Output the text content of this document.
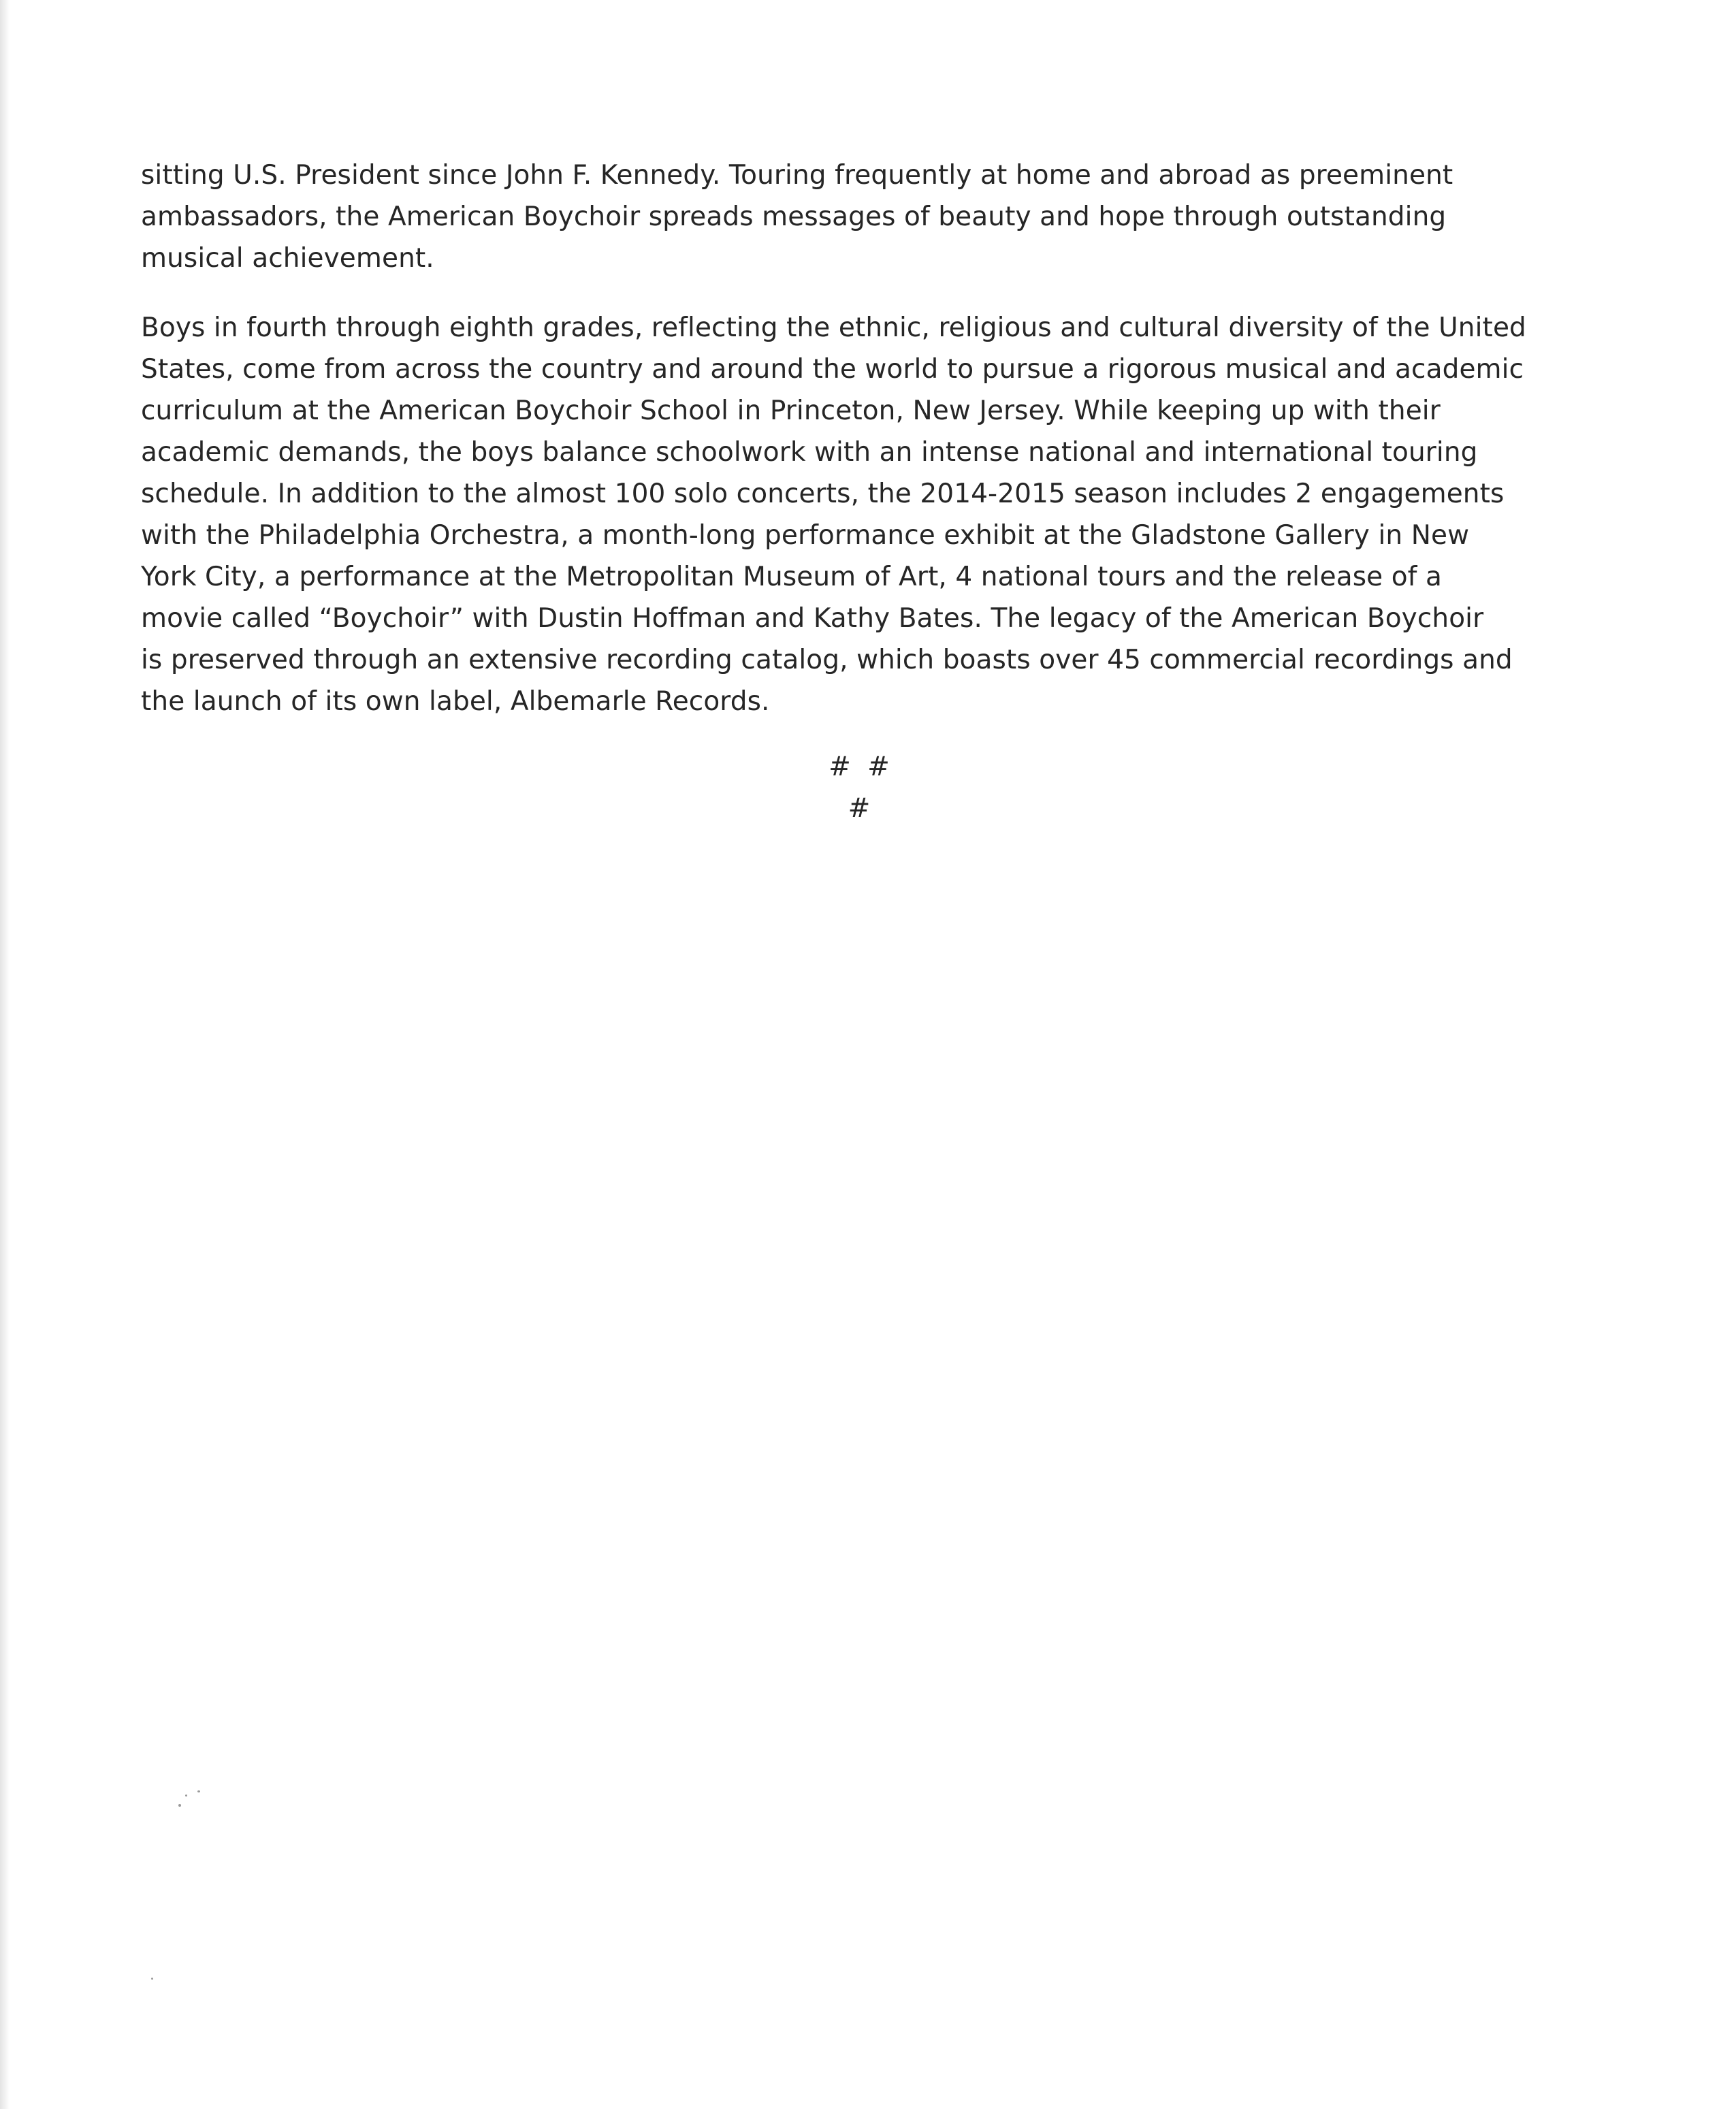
sitting U.S. President since John F. Kennedy. Touring frequently at home and abroad as preeminent
ambassadors, the American Boychoir spreads messages of beauty and hope through outstanding
musical achievement.

Boys in fourth through eighth grades, reflecting the ethnic, religious and cultural diversity of the United
States, come from across the country and around the world to pursue a rigorous musical and academic
curriculum at the American Boychoir School in Princeton, New Jersey. While keeping up with their
academic demands, the boys balance schoolwork with an intense national and international touring
schedule. In addition to the almost 100 solo concerts, the 2014-2015 season includes 2 engagements
with the Philadelphia Orchestra, a month-long performance exhibit at the Gladstone Gallery in New
York City, a performance at the Metropolitan Museum of Art, 4 national tours and the release of a
movie called “Boychoir” with Dustin Hoffman and Kathy Bates. The legacy of the American Boychoir
is preserved through an extensive recording catalog, which boasts over 45 commercial recordings and
the launch of its own label, Albemarle Records.

# # #
